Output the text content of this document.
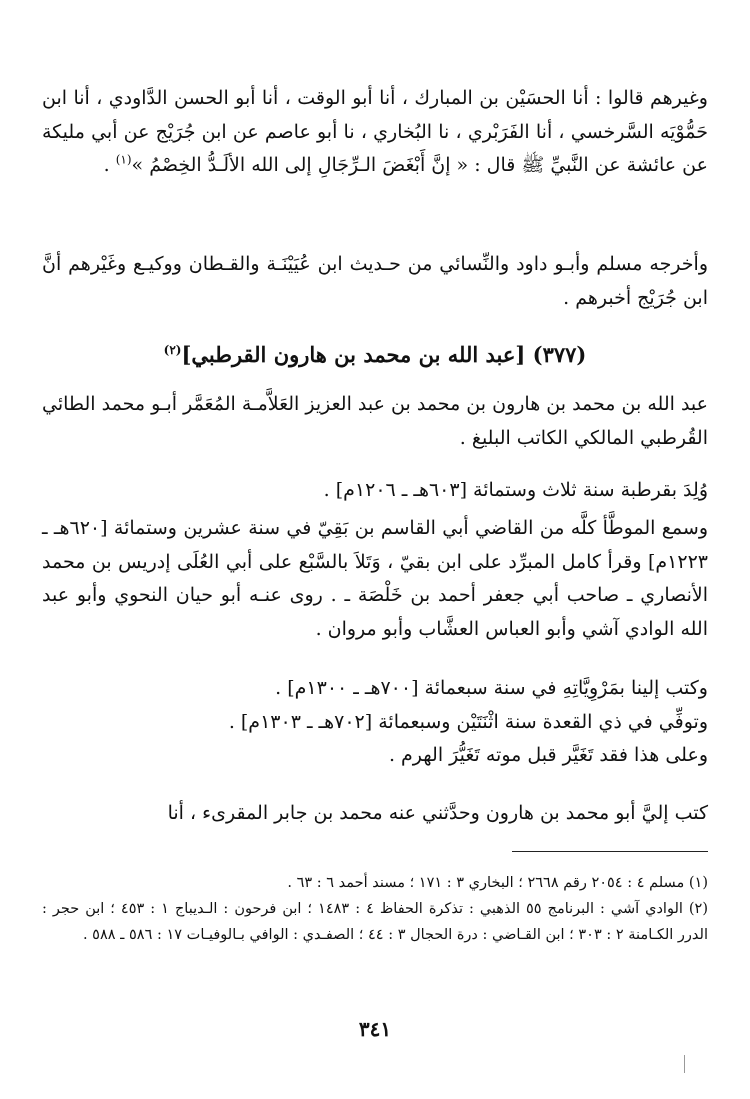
وغيرهم قالوا : أنا الحسَيْن بن المبارك ، أنا أبو الوقت ، أنا أبو الحسن الدَّاودي ، أنا ابن حَمُّوْيَه السَّرخسي ، أنا الفَرَبْري ، نا البُخاري ، نا أبو عاصم عن ابن جُرَيْج عن أبي مليكة عن عائشة عن النَّبيِّ ﷺ قال : « إنَّ أَبْغَضَ الـرِّجَالِ إلى الله الألَـدُّ الخِصْمُ »$^{(١)}$ .

وأخرجه مسلم وأبـو داود والنِّسائي من حـديث ابن عُيَيْنَـة والقـطان ووكيـع وغَيْرهم أنَّ ابن جُرَيْج أخبرهم .

(٣٧٧) [عبد الله بن محمد بن هارون القرطبي]$^{(٢)}$

عبد الله بن محمد بن هارون بن محمد بن عبد العزيز العَلاَّمـة المُعَمَّر أبـو محمد الطائي القُرطبي المالكي الكاتب البليغ .

وُلِدَ بقرطبة سنة ثلاث وستمائة [٦٠٣هـ ـ ١٢٠٦م] .

وسمع الموطَّأ كلَّه من القاضي أبي القاسم بن بَقِيّ في سنة عشرين وستمائة [٦٢٠هـ ـ ١٢٢٣م] وقرأ كامل المبرِّد على ابن بقيّ ، وَتَلاَ بالسَّبْع على أبي العُلَى إدريس بن محمد الأنصاري ـ صاحب أبي جعفر أحمد بن خَلْصَة ـ . روى عنـه أبو حيان النحوي وأبو عبد الله الوادي آشي وأبو العباس العشَّاب وأبو مروان .

وكتب إلينا بمَرْوِيَّاتِهِ في سنة سبعمائة [٧٠٠هـ ـ ١٣٠٠م] .

وتوفِّي في ذي القعدة سنة اثْنَتَيْن وسبعمائة [٧٠٢هـ ـ ١٣٠٣م] .

وعلى هذا فقد تَغَيَّر قبل موته تَغَيُّرَ الهرم .

كتب إليَّ أبو محمد بن هارون وحدَّثني عنه محمد بن جابر المقرىء ، أنا

(١) مسلم ٤ : ٢٠٥٤ رقم ٢٦٦٨ ؛ البخاري ٣ : ١٧١ ؛ مسند أحمد ٦ : ٦٣ .

(٢) الوادي آشي : البرنامج ٥٥ الذهبي : تذكرة الحفاظ ٤ : ١٤٨٣ ؛ ابن فرحون : الـديباج ١ : ٤٥٣ ؛ ابن حجر : الدرر الكـامنة ٢ : ٣٠٣ ؛ ابن القـاضي : درة الحجال ٣ : ٤٤ ؛ الصفـدي : الوافي بـالوفيـات ١٧ : ٥٨٦ ـ ٥٨٨ .

٣٤١
